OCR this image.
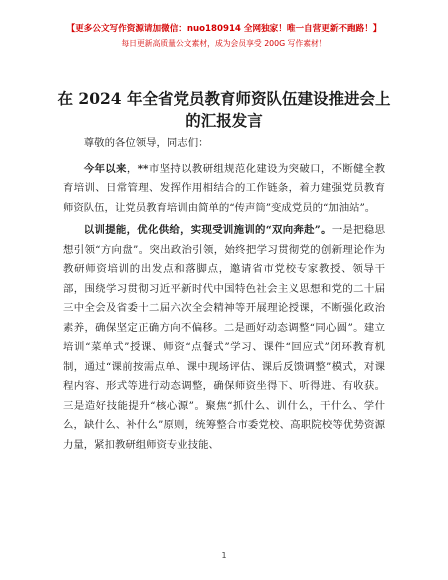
【更多公文写作资源请加微信：nuo180914 全网独家！唯一自营更新不跑路！】
每日更新高质量公文素材，成为会员享受 200G 写作素材！
在 2024 年全省党员教育师资队伍建设推进会上
的汇报发言

尊敬的各位领导，同志们：

今年以来，**市坚持以教研组规范化建设为突破口，不断健全教育培训、日常管理、发挥作用相结合的工作链条，着力建强党员教育师资队伍，让党员教育培训由简单的“传声筒”变成党员的“加油站”。

以训提能，优化供给，实现受训施训的“双向奔赴”。一是把稳思想引领“方向盘”。突出政治引领，始终把学习贯彻党的创新理论作为教研师资培训的出发点和落脚点，邀请省市党校专家教授、领导干部，围绕学习贯彻习近平新时代中国特色社会主义思想和党的二十届三中全会及省委十二届六次全会精神等开展理论授课，不断强化政治素养，确保坚定正确方向不偏移。二是画好动态调整“同心圆”。建立培训“菜单式”授课、师资“点餐式”学习、课件“回应式”闭环教育机制，通过“课前按需点单、课中现场评估、课后反馈调整”模式，对课程内容、形式等进行动态调整，确保师资坐得下、听得进、有收获。三是造好技能提升“核心源”。聚焦“抓什么、训什么，干什么、学什么，缺什么、补什么”原则，统筹整合市委党校、高职院校等优势资源力量，紧扣教研组师资专业技能、

1
